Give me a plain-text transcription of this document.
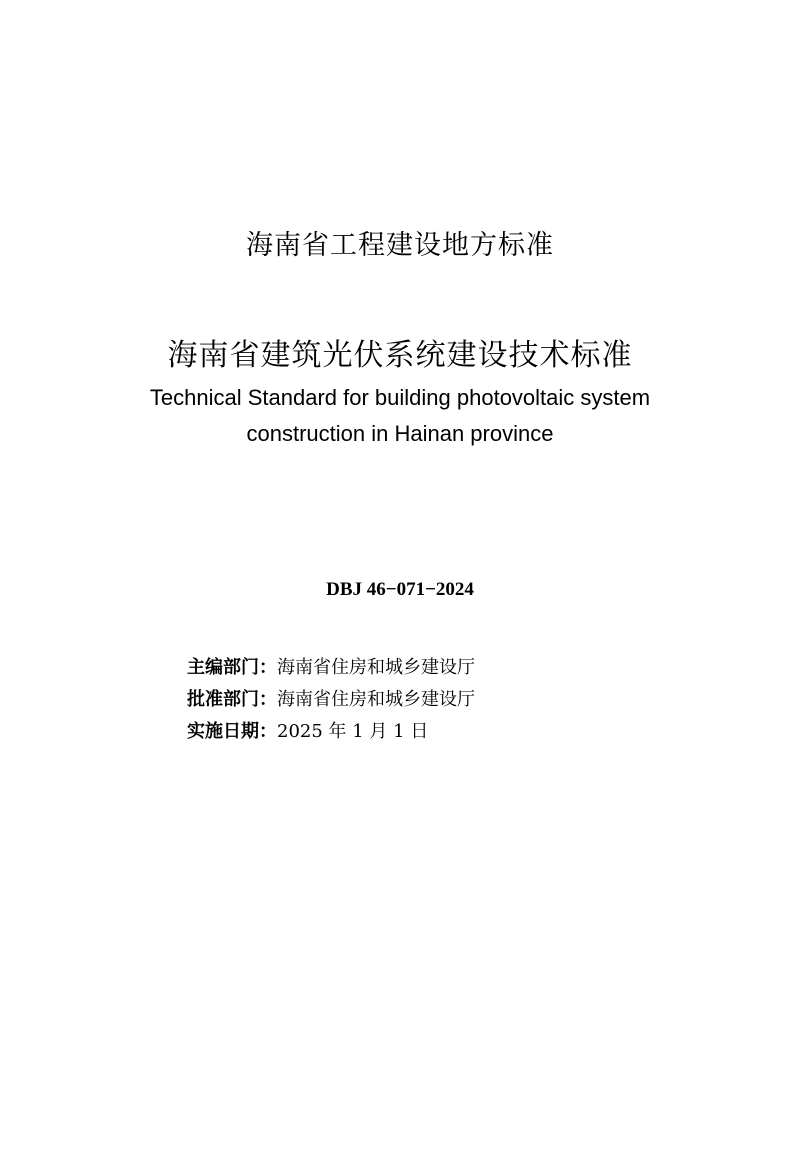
海南省工程建设地方标准
海南省建筑光伏系统建设技术标准
Technical Standard for building photovoltaic system
construction in Hainan province
DBJ 46−071−2024
主编部门：海南省住房和城乡建设厅
批准部门：海南省住房和城乡建设厅
实施日期：2025 年 1 月 1 日
